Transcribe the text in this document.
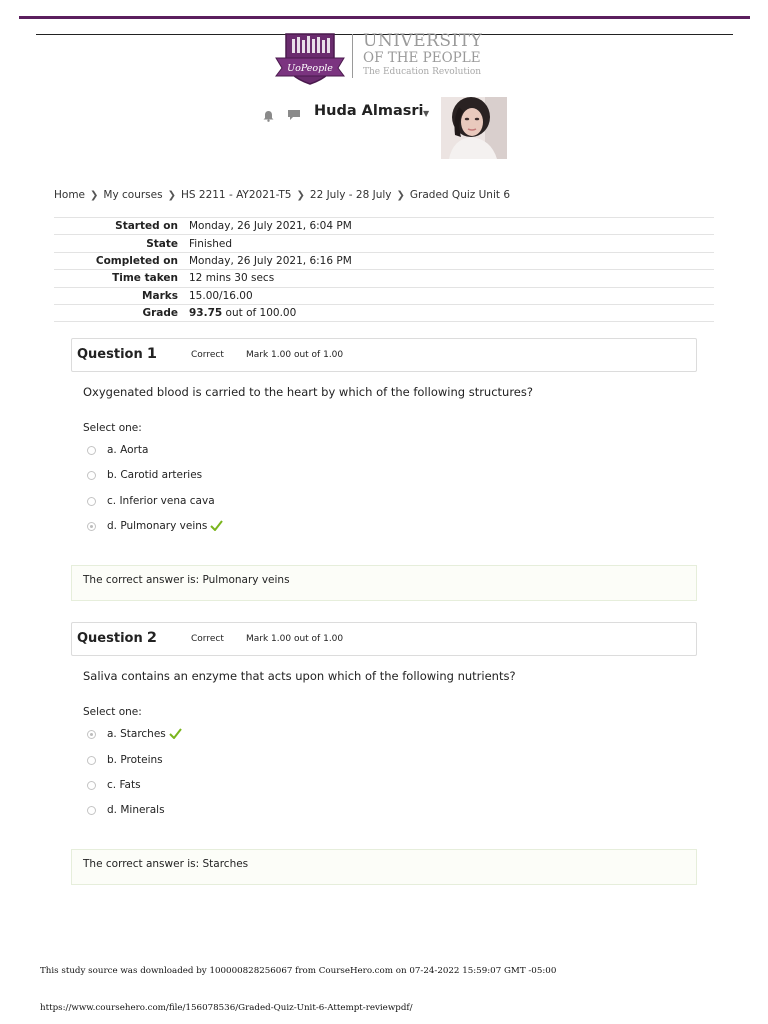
UoPeople
UNIVERSITY
OF THE PEOPLE
The Education Revolution
Huda Almasri ▼
Home ❯ My courses ❯ HS 2211 - AY2021-T5 ❯ 22 July - 28 July ❯ Graded Quiz Unit 6
Started on	Monday, 26 July 2021, 6:04 PM
State	Finished
Completed on	Monday, 26 July 2021, 6:16 PM
Time taken	12 mins 30 secs
Marks	15.00/16.00
Grade	93.75 out of 100.00
Question 1	Correct Mark 1.00 out of 1.00
Oxygenated blood is carried to the heart by which of the following structures?
Select one:
a. Aorta
b. Carotid arteries
c. Inferior vena cava
d. Pulmonary veins
The correct answer is: Pulmonary veins
Question 2	Correct Mark 1.00 out of 1.00
Saliva contains an enzyme that acts upon which of the following nutrients?
Select one:
a. Starches
b. Proteins
c. Fats
d. Minerals
The correct answer is: Starches
This study source was downloaded by 100000828256067 from CourseHero.com on 07-24-2022 15:59:07 GMT -05:00
https://www.coursehero.com/file/156078536/Graded-Quiz-Unit-6-Attempt-reviewpdf/
